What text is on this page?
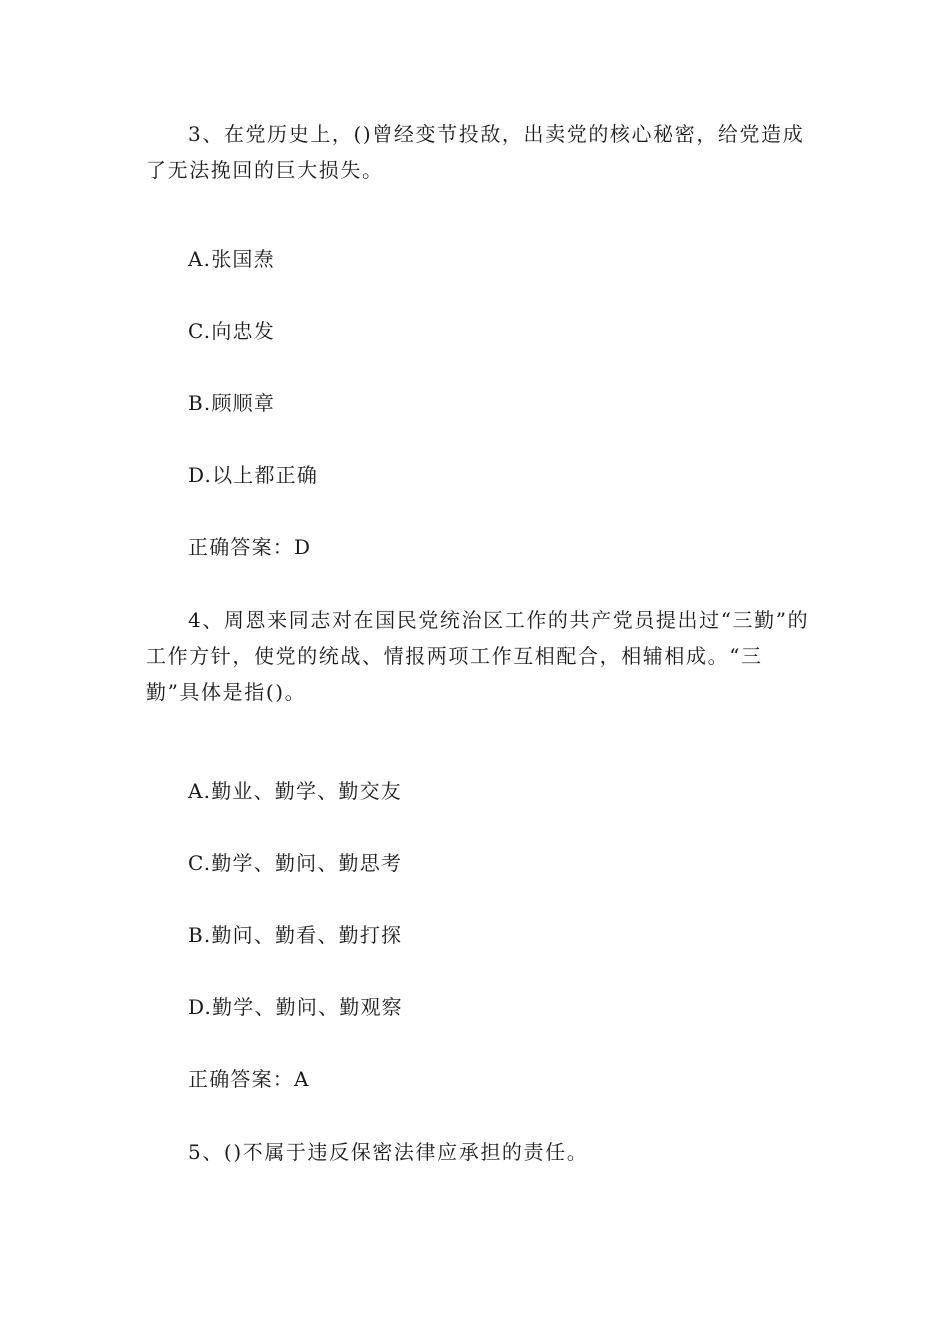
3、在党历史上，()曾经变节投敌，出卖党的核心秘密，给党造成了无法挽回的巨大损失。
A.张国焘
C.向忠发
B.顾顺章
D.以上都正确
正确答案：D
4、周恩来同志对在国民党统治区工作的共产党员提出过“三勤”的工作方针，使党的统战、情报两项工作互相配合，相辅相成。“三勤”具体是指()。
A.勤业、勤学、勤交友
C.勤学、勤问、勤思考
B.勤问、勤看、勤打探
D.勤学、勤问、勤观察
正确答案：A
5、()不属于违反保密法律应承担的责任。
